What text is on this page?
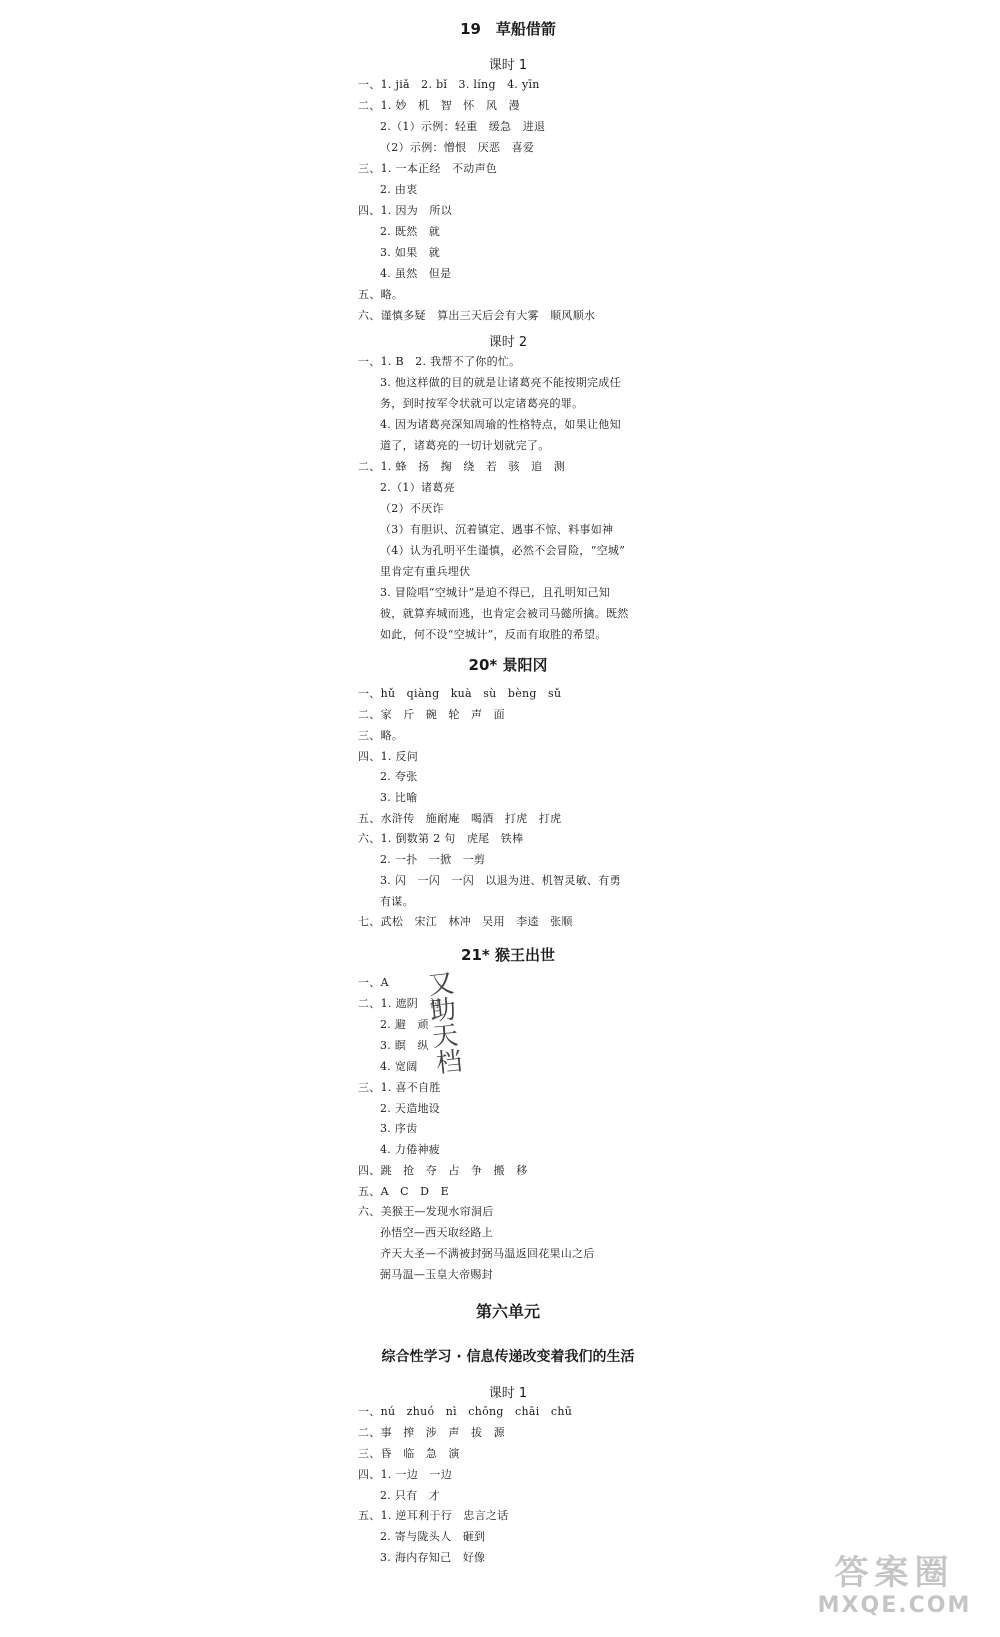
19　草船借箭
课时 1
一、1. jiǎ　2. bǐ　3. líng　4. yīn
二、1. 妙　机　智　怀　风　漫
2.（1）示例：轻重　缓急　进退
（2）示例：憎恨　厌恶　喜爱
三、1. 一本正经　不动声色
2. 由衷
四、1. 因为　所以
2. 既然　就
3. 如果　就
4. 虽然　但是
五、略。
六、谨慎多疑　算出三天后会有大雾　顺风顺水
课时 2
一、1. B　2. 我帮不了你的忙。
3. 他这样做的目的就是让诸葛亮不能按期完成任
务，到时按军令状就可以定诸葛亮的罪。
4. 因为诸葛亮深知周瑜的性格特点，如果让他知
道了，诸葛亮的一切计划就完了。
二、1. 蜂　扬　掬　绕　若　骇　追　测
2.（1）诸葛亮
（2）不厌诈
（3）有胆识、沉着镇定、遇事不惊、料事如神
（4）认为孔明平生谨慎，必然不会冒险，“空城”
里肯定有重兵埋伏
3. 冒险唱“空城计”是迫不得已，且孔明知己知
彼，就算弃城而逃，也肯定会被司马懿所擒。既然
如此，何不设“空城计”，反而有取胜的希望。
20* 景阳冈
一、hǔ　qiàng　kuà　sù　bèng　sǔ
二、家　斤　碗　轮　声　面
三、略。
四、1. 反问
2. 夸张
3. 比喻
五、水浒传　施耐庵　喝酒　打虎　打虎
六、1. 倒数第 2 句　虎尾　铁棒
2. 一扑　一掀　一剪
3. 闪　一闪　一闪　以退为进、机智灵敏、有勇
有谋。
七、武松　宋江　林冲　吴用　李逵　张顺
21* 猴王出世
一、A
二、1. 遮阴　衬
2. 避　顽
3. 瞑　纵
4. 宽阔
三、1. 喜不自胜
2. 天造地设
3. 序齿
4. 力倦神疲
四、跳　抢　夺　占　争　搬　移
五、A　C　D　E
六、美猴王—发现水帘洞后
孙悟空—西天取经路上
齐天大圣—不满被封弼马温返回花果山之后
弼马温—玉皇大帝赐封
又
助
天
档
第六单元
综合性学习 · 信息传递改变着我们的生活
课时 1
一、nú　zhuó　nì　chōng　chāi　chū
二、事　搾　涉　声　拔　源
三、昏　临　急　演
四、1. 一边　一边
2. 只有　才
五、1. 逆耳利于行　忠言之话
2. 寄与陇头人　砸到
3. 海内存知己　好像	答案圈
MXQE.COM
